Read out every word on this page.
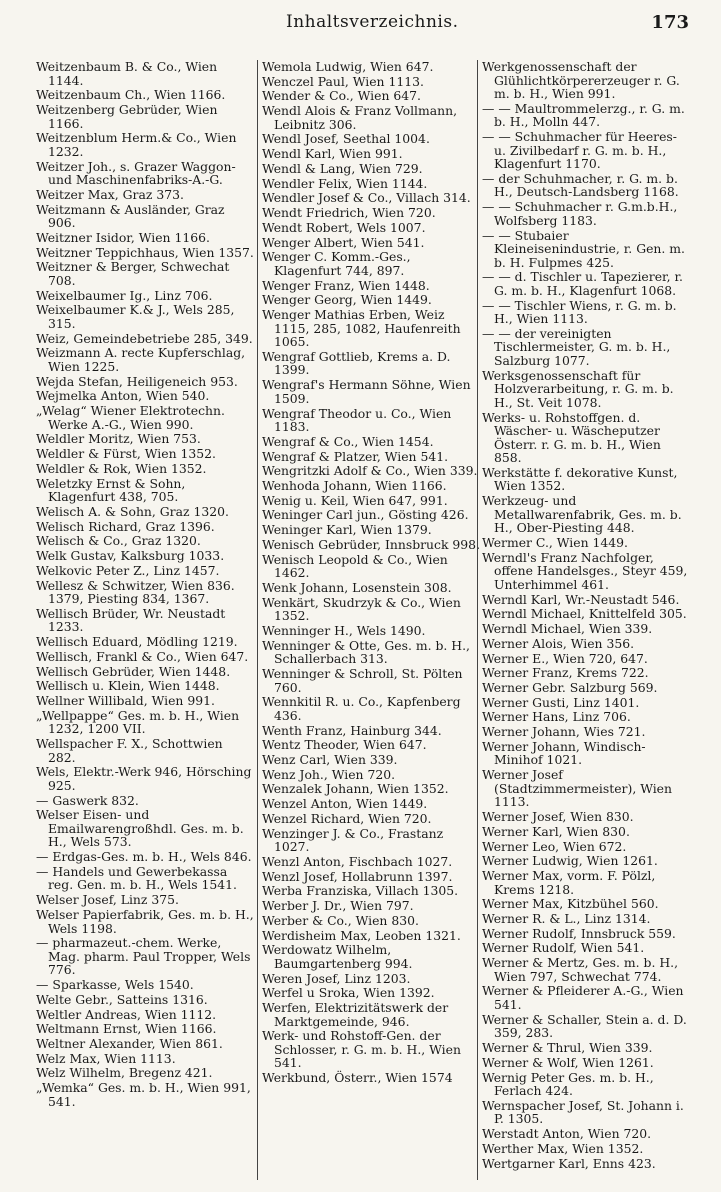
Inhaltsverzeichnis.	173
Weitzenbaum B. & Co., Wien 1144.
Weitzenbaum Ch., Wien 1166.
Weitzenberg Gebrüder, Wien 1166.
Weitzenblum Herm.& Co., Wien 1232.
Weitzer Joh., s. Grazer Waggon- und Maschinenfabriks-A.-G.
Weitzer Max, Graz 373.
Weitzmann & Ausländer, Graz 906.
Weitzner Isidor, Wien 1166.
Weitzner Teppichhaus, Wien 1357.
Weitzner & Berger, Schwechat 708.
Weixelbaumer Ig., Linz 706.
Weixelbaumer K.& J., Wels 285, 315.
Weiz, Gemeindebetriebe 285, 349.
Weizmann A. recte Kupferschlag, Wien 1225.
Wejda Stefan, Heiligeneich 953.
Wejmelka Anton, Wien 540.
„Welag“ Wiener Elektrotechn. Werke A.-G., Wien 990.
Weldler Moritz, Wien 753.
Weldler & Fürst, Wien 1352.
Weldler & Rok, Wien 1352.
Weletzky Ernst & Sohn, Klagenfurt 438, 705.
Welisch A. & Sohn, Graz 1320.
Welisch Richard, Graz 1396.
Welisch & Co., Graz 1320.
Welk Gustav, Kalksburg 1033.
Welkovic Peter Z., Linz 1457.
Wellesz & Schwitzer, Wien 836. 1379, Piesting 834, 1367.
Wellisch Brüder, Wr. Neustadt 1233.
Wellisch Eduard, Mödling 1219.
Wellisch, Frankl & Co., Wien 647.
Wellisch Gebrüder, Wien 1448.
Wellisch u. Klein, Wien 1448.
Wellner Willibald, Wien 991.
„Wellpappe“ Ges. m. b. H., Wien 1232, 1200 VII.
Wellspacher F. X., Schottwien 282.
Wels, Elektr.-Werk 946, Hörsching 925.
— Gaswerk 832.
Welser Eisen- und Emailwarengroßhdl. Ges. m. b. H., Wels 573.
— Erdgas-Ges. m. b. H., Wels 846.
— Handels und Gewerbekassa reg. Gen. m. b. H., Wels 1541.
Welser Josef, Linz 375.
Welser Papierfabrik, Ges. m. b. H., Wels 1198.
— pharmazeut.-chem. Werke, Mag. pharm. Paul Tropper, Wels 776.
— Sparkasse, Wels 1540.
Welte Gebr., Satteins 1316.
Weltler Andreas, Wien 1112.
Weltmann Ernst, Wien 1166.
Weltner Alexander, Wien 861.
Welz Max, Wien 1113.
Welz Wilhelm, Bregenz 421.
„Wemka“ Ges. m. b. H., Wien 991, 541.
Wemola Ludwig, Wien 647.
Wenczel Paul, Wien 1113.
Wender & Co., Wien 647.
Wendl Alois & Franz Vollmann, Leibnitz 306.
Wendl Josef, Seethal 1004.
Wendl Karl, Wien 991.
Wendl & Lang, Wien 729.
Wendler Felix, Wien 1144.
Wendler Josef & Co., Villach 314.
Wendt Friedrich, Wien 720.
Wendt Robert, Wels 1007.
Wenger Albert, Wien 541.
Wenger C. Komm.-Ges., Klagenfurt 744, 897.
Wenger Franz, Wien 1448.
Wenger Georg, Wien 1449.
Wenger Mathias Erben, Weiz 1115, 285, 1082, Haufenreith 1065.
Wengraf Gottlieb, Krems a. D. 1399.
Wengraf's Hermann Söhne, Wien 1509.
Wengraf Theodor u. Co., Wien 1183.
Wengraf & Co., Wien 1454.
Wengraf & Platzer, Wien 541.
Wengritzki Adolf & Co., Wien 339.
Wenhoda Johann, Wien 1166.
Wenig u. Keil, Wien 647, 991.
Weninger Carl jun., Gösting 426.
Weninger Karl, Wien 1379.
Wenisch Gebrüder, Innsbruck 998.
Wenisch Leopold & Co., Wien 1462.
Wenk Johann, Losenstein 308.
Wenkärt, Skudrzyk & Co., Wien 1352.
Wenninger H., Wels 1490.
Wenninger & Otte, Ges. m. b. H., Schallerbach 313.
Wenninger & Schroll, St. Pölten 760.
Wennkitil R. u. Co., Kapfenberg 436.
Wenth Franz, Hainburg 344.
Wentz Theoder, Wien 647.
Wenz Carl, Wien 339.
Wenz Joh., Wien 720.
Wenzalek Johann, Wien 1352.
Wenzel Anton, Wien 1449.
Wenzel Richard, Wien 720.
Wenzinger J. & Co., Frastanz 1027.
Wenzl Anton, Fischbach 1027.
Wenzl Josef, Hollabrunn 1397.
Werba Franziska, Villach 1305.
Werber J. Dr., Wien 797.
Werber & Co., Wien 830.
Werdisheim Max, Leoben 1321.
Werdowatz Wilhelm, Baumgartenberg 994.
Weren Josef, Linz 1203.
Werfel u Sroka, Wien 1392.
Werfen, Elektrizitätswerk der Marktgemeinde, 946.
Werk- und Rohstoff-Gen. der Schlosser, r. G. m. b. H., Wien 541.
Werkbund, Österr., Wien 1574
Werkgenossenschaft der Glühlichtkörpererzeuger r. G. m. b. H., Wien 991.
— — Maultrommelerzg., r. G. m. b. H., Molln 447.
— — Schuhmacher für Heeres- u. Zivilbedarf r. G. m. b. H., Klagenfurt 1170.
— der Schuhmacher, r. G. m. b. H., Deutsch-Landsberg 1168.
— — Schuhmacher r. G.m.b.H., Wolfsberg 1183.
— — Stubaier Kleineisenindustrie, r. Gen. m. b. H. Fulpmes 425.
— — d. Tischler u. Tapezierer, r. G. m. b. H., Klagenfurt 1068.
— — Tischler Wiens, r. G. m. b. H., Wien 1113.
— — der vereinigten Tischlermeister, G. m. b. H., Salzburg 1077.
Werksgenossenschaft für Holzverarbeitung, r. G. m. b. H., St. Veit 1078.
Werks- u. Rohstoffgen. d. Wäscher- u. Wäscheputzer Österr. r. G. m. b. H., Wien 858.
Werkstätte f. dekorative Kunst, Wien 1352.
Werkzeug- und Metallwarenfabrik, Ges. m. b. H., Ober-Piesting 448.
Wermer C., Wien 1449.
Werndl's Franz Nachfolger, offene Handelsges., Steyr 459, Unterhimmel 461.
Werndl Karl, Wr.-Neustadt 546.
Werndl Michael, Knittelfeld 305.
Werndl Michael, Wien 339.
Werner Alois, Wien 356.
Werner E., Wien 720, 647.
Werner Franz, Krems 722.
Werner Gebr. Salzburg 569.
Werner Gusti, Linz 1401.
Werner Hans, Linz 706.
Werner Johann, Wies 721.
Werner Johann, Windisch-Minihof 1021.
Werner Josef (Stadtzimmermeister), Wien 1113.
Werner Josef, Wien 830.
Werner Karl, Wien 830.
Werner Leo, Wien 672.
Werner Ludwig, Wien 1261.
Werner Max, vorm. F. Pölzl, Krems 1218.
Werner Max, Kitzbühel 560.
Werner R. & L., Linz 1314.
Werner Rudolf, Innsbruck 559.
Werner Rudolf, Wien 541.
Werner & Mertz, Ges. m. b. H., Wien 797, Schwechat 774.
Werner & Pfleiderer A.-G., Wien 541.
Werner & Schaller, Stein a. d. D. 359, 283.
Werner & Thrul, Wien 339.
Werner & Wolf, Wien 1261.
Wernig Peter Ges. m. b. H., Ferlach 424.
Wernspacher Josef, St. Johann i. P. 1305.
Werstadt Anton, Wien 720.
Werther Max, Wien 1352.
Wertgarner Karl, Enns 423.
